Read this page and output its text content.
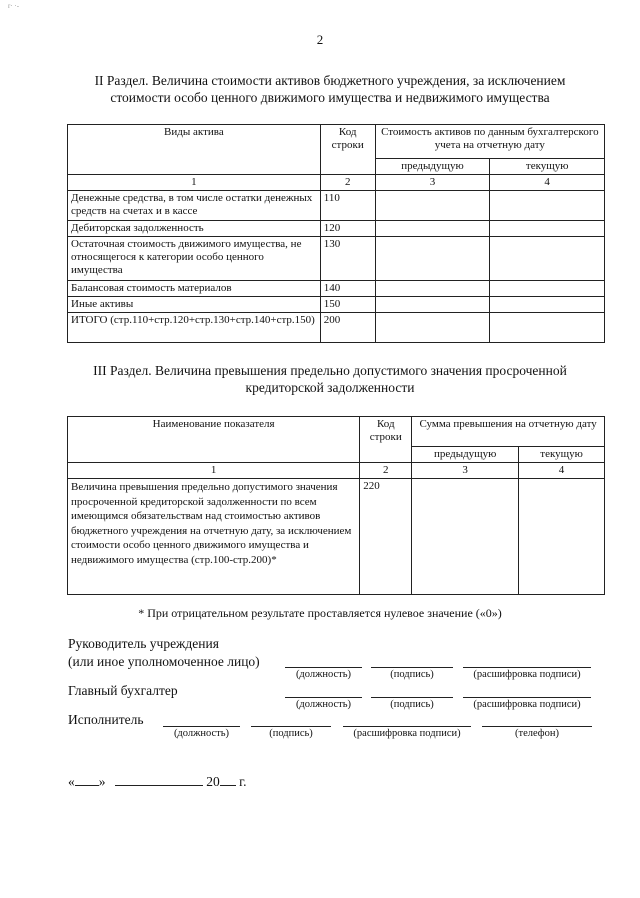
r· ·-
2
II Раздел. Величина стоимости активов бюджетного учреждения, за исключением
стоимости особо ценного движимого имущества и недвижимого имущества
Виды актива	Код строки	Стоимость активов по данным бухгалтерского учета на отчетную дату	
		предыдущую	текущую
1	2	3	4
Денежные средства, в том числе остатки денежных средств на счетах и в кассе	110		
Дебиторская задолженность	120		
Остаточная стоимость движимого имущества, не относящегося к категории особо ценного имущества	130		
Балансовая стоимость материалов	140		
Иные активы	150		
ИТОГО (стр.110+стр.120+стр.130+стр.140+стр.150)	200		
III Раздел. Величина превышения предельно допустимого значения просроченной
кредиторской задолженности
Наименование показателя	Код строки	Сумма превышения на отчетную дату	
		предыдущую	текущую
1	2	3	4
Величина превышения предельно допустимого значения просроченной кредиторской задолженности по всем имеющимся обязательствам над стоимостью активов бюджетного учреждения на отчетную дату, за исключением стоимости особо ценного движимого имущества и недвижимого имущества (стр.100-стр.200)*	220		
* При отрицательном результате проставляется нулевое значение («0»)
Руководитель учреждения
(или иное уполномоченное лицо)
(должность)	(подпись)	(расшифровка подписи)
Главный бухгалтер
(должность)	(подпись)	(расшифровка подписи)
Исполнитель
(должность)	(подпись)	(расшифровка подписи)	(телефон)
« »	20 г.
